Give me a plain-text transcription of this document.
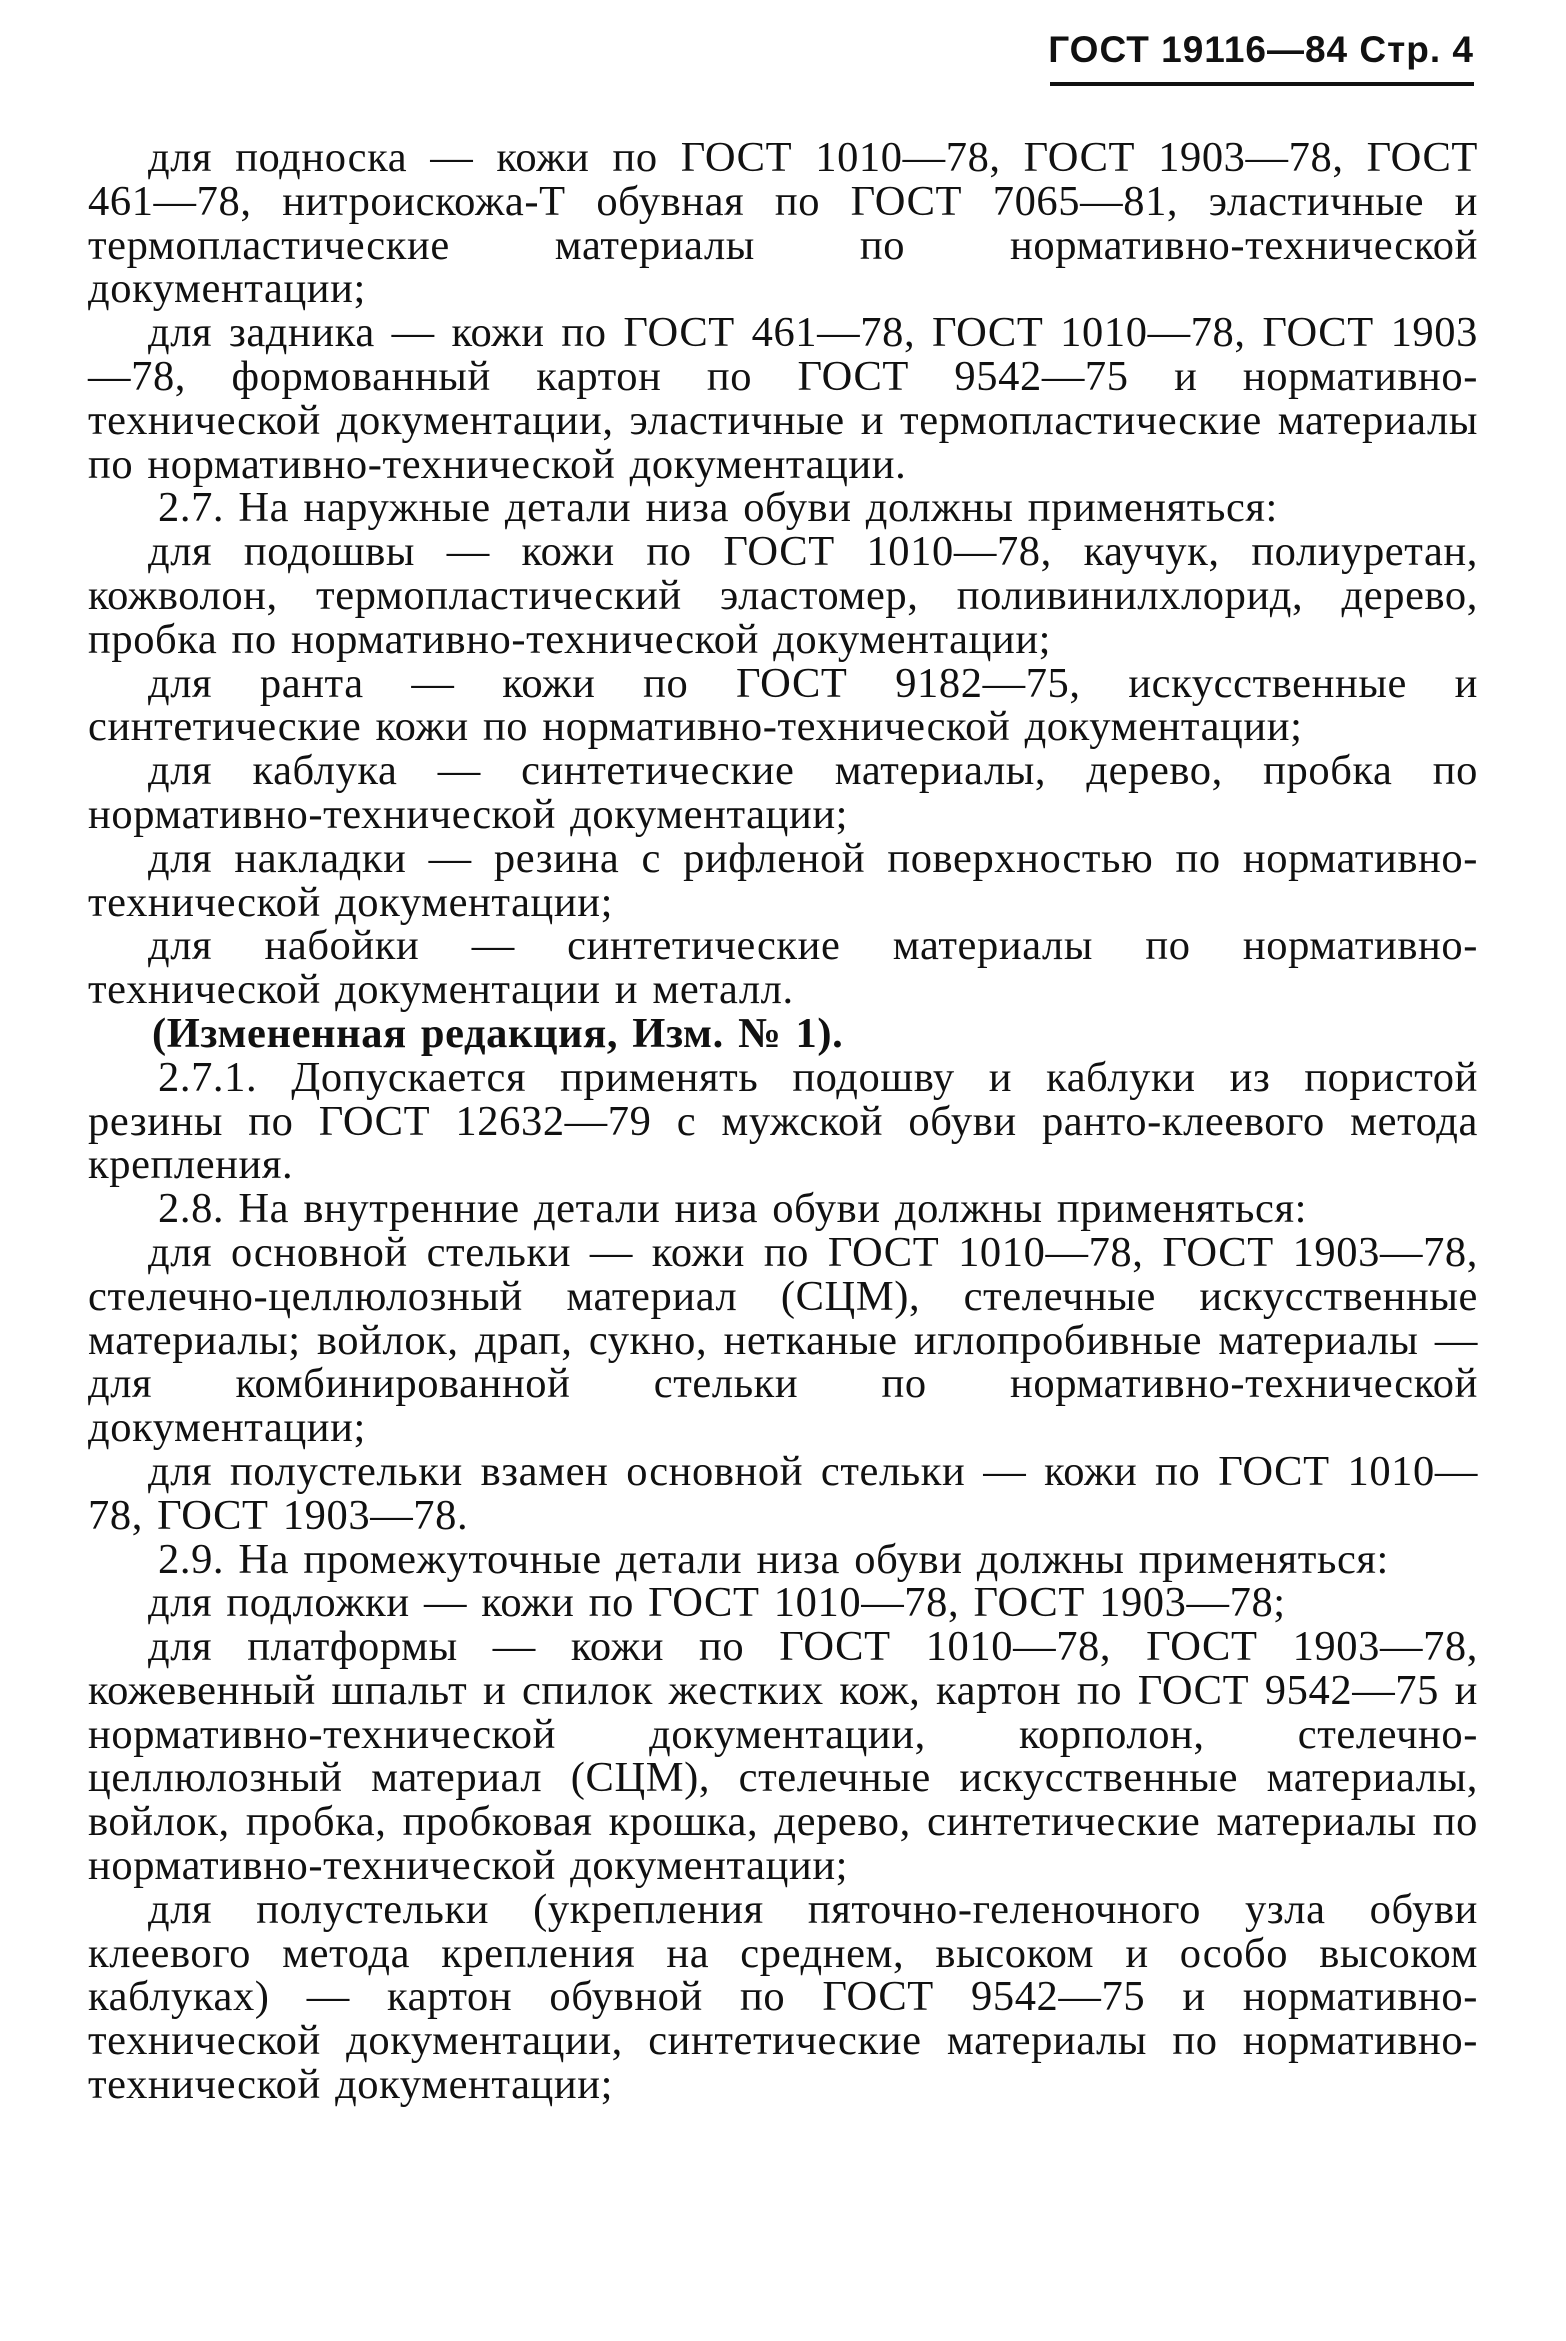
ГОСТ 19116—84 Стр. 4

для подноска — кожи по ГОСТ 1010—78, ГОСТ 1903—78, ГОСТ 461—78, нитроискожа-Т обувная по ГОСТ 7065—81, эластичные и термопластические материалы по нормативно-технической документации;

для задника — кожи по ГОСТ 461—78, ГОСТ 1010—78, ГОСТ 1903—78, формованный картон по ГОСТ 9542—75 и нормативно-технической документации, эластичные и термопластические материалы по нормативно-технической документации.

2.7. На наружные детали низа обуви должны применяться:

для подошвы — кожи по ГОСТ 1010—78, каучук, полиуретан, кожволон, термопластический эластомер, поливинилхлорид, дерево, пробка по нормативно-технической документации;

для ранта — кожи по ГОСТ 9182—75, искусственные и синтетические кожи по нормативно-технической документации;

для каблука — синтетические материалы, дерево, пробка по нормативно-технической документации;

для накладки — резина с рифленой поверхностью по нормативно-технической документации;

для набойки — синтетические материалы по нормативно-технической документации и металл.

(Измененная редакция, Изм. № 1).

2.7.1. Допускается применять подошву и каблуки из пористой резины по ГОСТ 12632—79 с мужской обуви ранто-клеевого метода крепления.

2.8. На внутренние детали низа обуви должны применяться:

для основной стельки — кожи по ГОСТ 1010—78, ГОСТ 1903—78, стелечно-целлюлозный материал (СЦМ), стелечные искусственные материалы; войлок, драп, сукно, нетканые иглопробивные материалы — для комбинированной стельки по нормативно-технической документации;

для полустельки взамен основной стельки — кожи по ГОСТ 1010—78, ГОСТ 1903—78.

2.9. На промежуточные детали низа обуви должны применяться:

для подложки — кожи по ГОСТ 1010—78, ГОСТ 1903—78;

для платформы — кожи по ГОСТ 1010—78, ГОСТ 1903—78, кожевенный шпальт и спилок жестких кож, картон по ГОСТ 9542—75 и нормативно-технической документации, корполон, стелечно-целлюлозный материал (СЦМ), стелечные искусственные материалы, войлок, пробка, пробковая крошка, дерево, синтетические материалы по нормативно-технической документации;

для полустельки (укрепления пяточно-геленочного узла обуви клеевого метода крепления на среднем, высоком и особо высоком каблуках) — картон обувной по ГОСТ 9542—75 и нормативно-технической документации, синтетические материалы по нормативно-технической документации;
